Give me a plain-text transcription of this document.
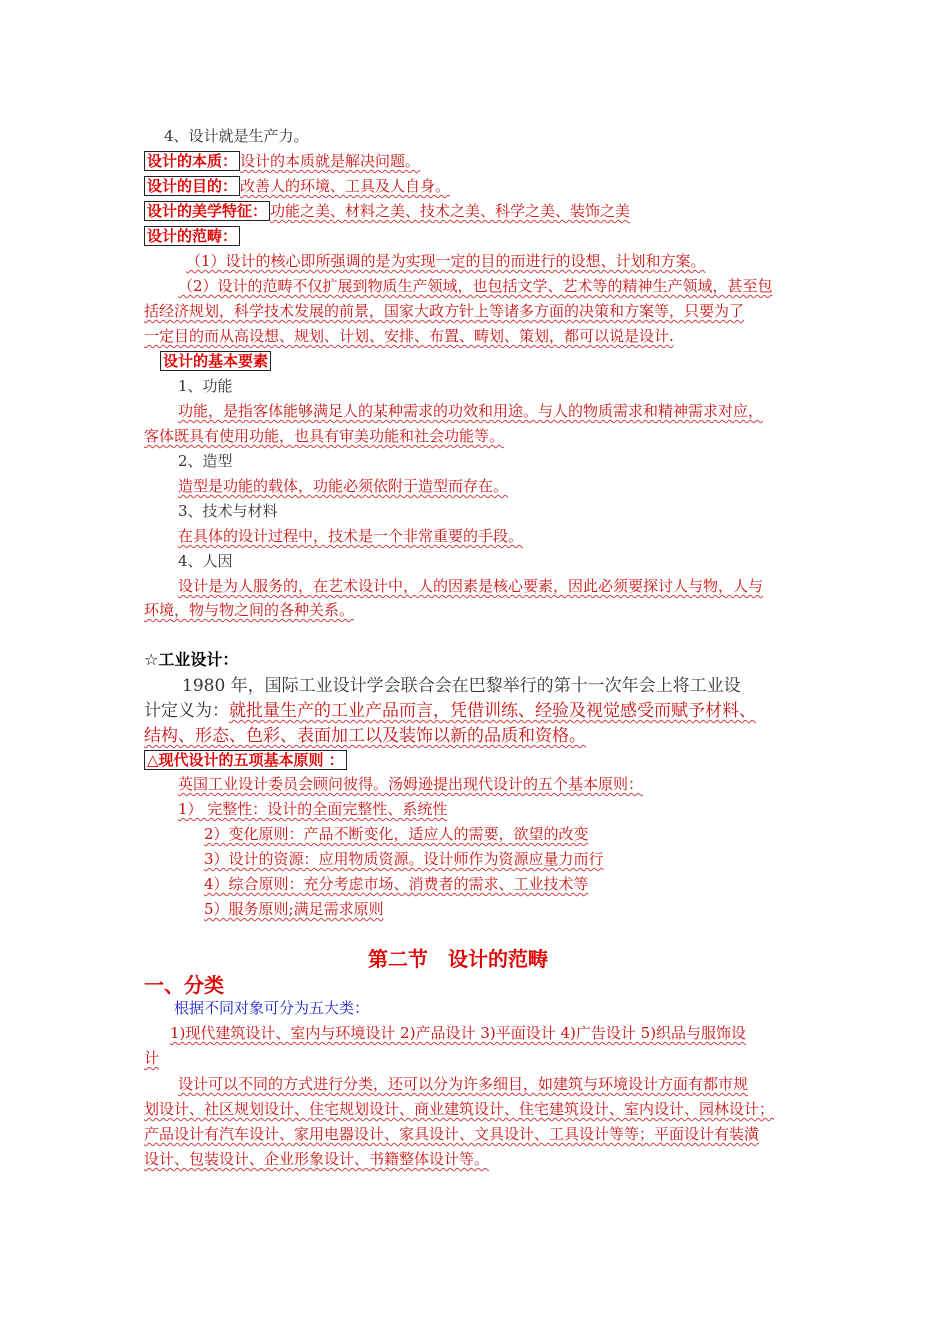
4、设计就是生产力。
设计的本质： 设计的本质就是解决问题。
设计的目的： 改善人的环境、工具及人自身。
设计的美学特征： 功能之美、材料之美、技术之美、科学之美、装饰之美
设计的范畴：
（1）设计的核心即所强调的是为实现一定的目的而进行的设想、计划和方案。
（2）设计的范畴不仅扩展到物质生产领域，也包括文学、艺术等的精神生产领域，甚至包
括经济规划，科学技术发展的前景，国家大政方针上等诸多方面的决策和方案等，只要为了
一定目的而从高设想、规划、计划、安排、布置、畴划、策划，都可以说是设计.
设计的基本要素
1、功能
功能，是指客体能够满足人的某种需求的功效和用途。与人的物质需求和精神需求对应，
客体既具有使用功能，也具有审美功能和社会功能等。
2、造型
造型是功能的载体，功能必须依附于造型而存在。
3、技术与材料
在具体的设计过程中，技术是一个非常重要的手段。
4、人因
设计是为人服务的，在艺术设计中，人的因素是核心要素，因此必须要探讨人与物，人与
环境，物与物之间的各种关系。
☆工业设计：
1980 年，国际工业设计学会联合会在巴黎举行的第十一次年会上将工业设
计定义为：就批量生产的工业产品而言，凭借训练、经验及视觉感受而赋予材料、
结构、形态、色彩、表面加工以及装饰以新的品质和资格。
△现代设计的五项基本原则 ：
英国工业设计委员会顾问彼得。汤姆逊提出现代设计的五个基本原则：
1） 完整性：设计的全面完整性、系统性
2）变化原则：产品不断变化，适应人的需要，欲望的改变
3）设计的资源：应用物质资源。设计师作为资源应量力而行
4）综合原则：充分考虑市场、消费者的需求、工业技术等
5）服务原则;满足需求原则
第二节　设计的范畴
一、分类
根据不同对象可分为五大类：
1)现代建筑设计、室内与环境设计 2)产品设计 3)平面设计 4)广告设计 5)织品与服饰设
计
设计可以不同的方式进行分类，还可以分为许多细目，如建筑与环境设计方面有都市规
划设计、社区规划设计、住宅规划设计、商业建筑设计、住宅建筑设计、室内设计、园林设计；
产品设计有汽车设计、家用电器设计、家具设计、文具设计、工具设计等等；平面设计有装潢
设计、包装设计、企业形象设计、书籍整体设计等。
